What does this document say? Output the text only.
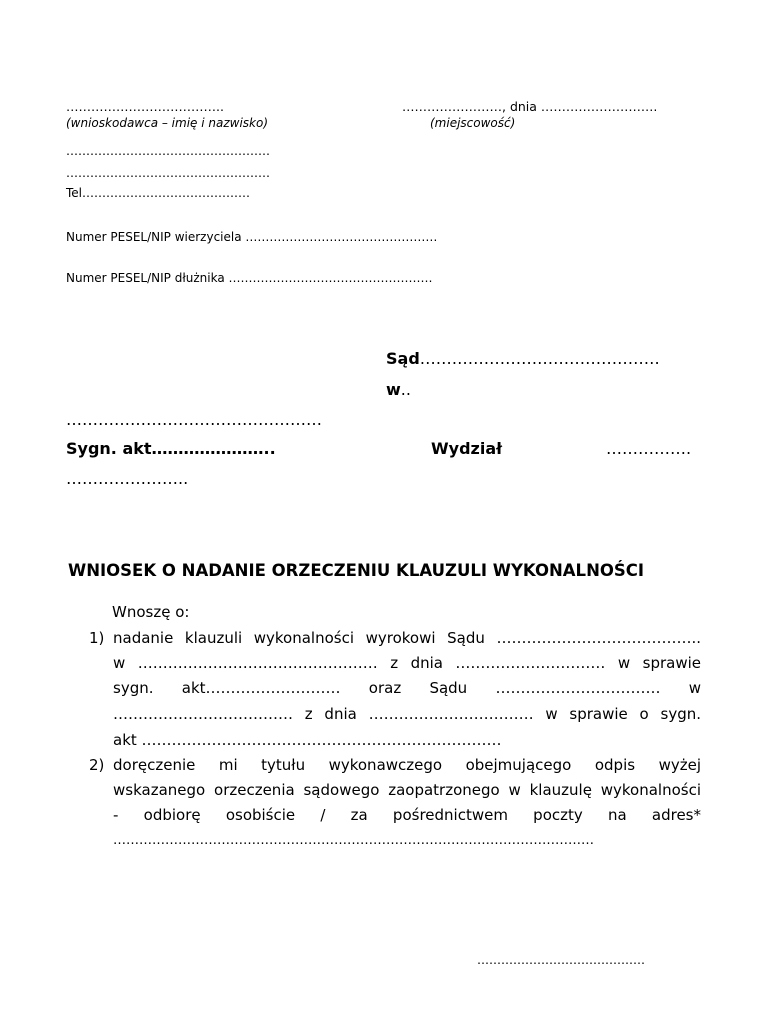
………………………………..	……………………, dnia ……………………….
(wnioskodawca – imię i nazwisko)	(miejscowość)
……………………………………………
……………………………………………
Tel……………………………………
Numer PESEL/NIP wierzyciela …………………………………………
Numer PESEL/NIP dłużnika ……………………………………………
Sąd………………………………………
w..
…………………………………………
Sygn. akt…………………..	Wydział	…………….
…………………..
WNIOSEK O NADANIE ORZECZENIU KLAUZULI WYKONALNOŚCI
Wnoszę o:
1) nadanie klauzuli wykonalności wyrokowi Sądu …………………………………..
w ………………………………………… z dnia ………………………… w sprawie
sygn. akt……………………… oraz Sądu …………………………… w
……………………………… z dnia …………………………… w sprawie o sygn.
akt ………………………………………………………………
2) doręczenie mi tytułu wykonawczego obejmującego odpis wyżej
wskazanego orzeczenia sądowego zaopatrzonego w klauzulę wykonalności
- odbiorę osobiście / za pośrednictwem poczty na adres*
…………………………………………………………………………………………………
……………………………………
